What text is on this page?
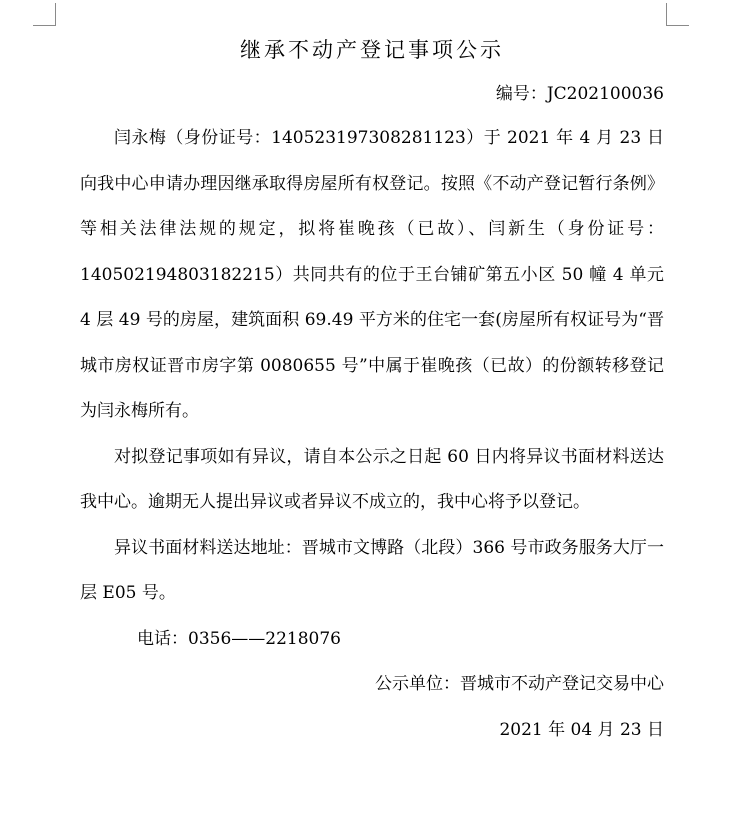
继承不动产登记事项公示
编号：JC202100036

闫永梅（身份证号：140523197308281123）于 2021 年 4 月 23 日向我中心申请办理因继承取得房屋所有权登记。按照《不动产登记暂行条例》等相关法律法规的规定，拟将崔晚孩（已故）、闫新生（身份证号：140502194803182215）共同共有的位于王台铺矿第五小区 50 幢 4 单元 4 层 49 号的房屋，建筑面积 69.49 平方米的住宅一套(房屋所有权证号为“晋城市房权证晋市房字第 0080655 号”中属于崔晚孩（已故）的份额转移登记为闫永梅所有。

对拟登记事项如有异议，请自本公示之日起 60 日内将异议书面材料送达我中心。逾期无人提出异议或者异议不成立的，我中心将予以登记。

异议书面材料送达地址：晋城市文博路（北段）366 号市政务服务大厅一层 E05 号。

电话：0356——2218076

公示单位：晋城市不动产登记交易中心

2021 年 04 月 23 日
